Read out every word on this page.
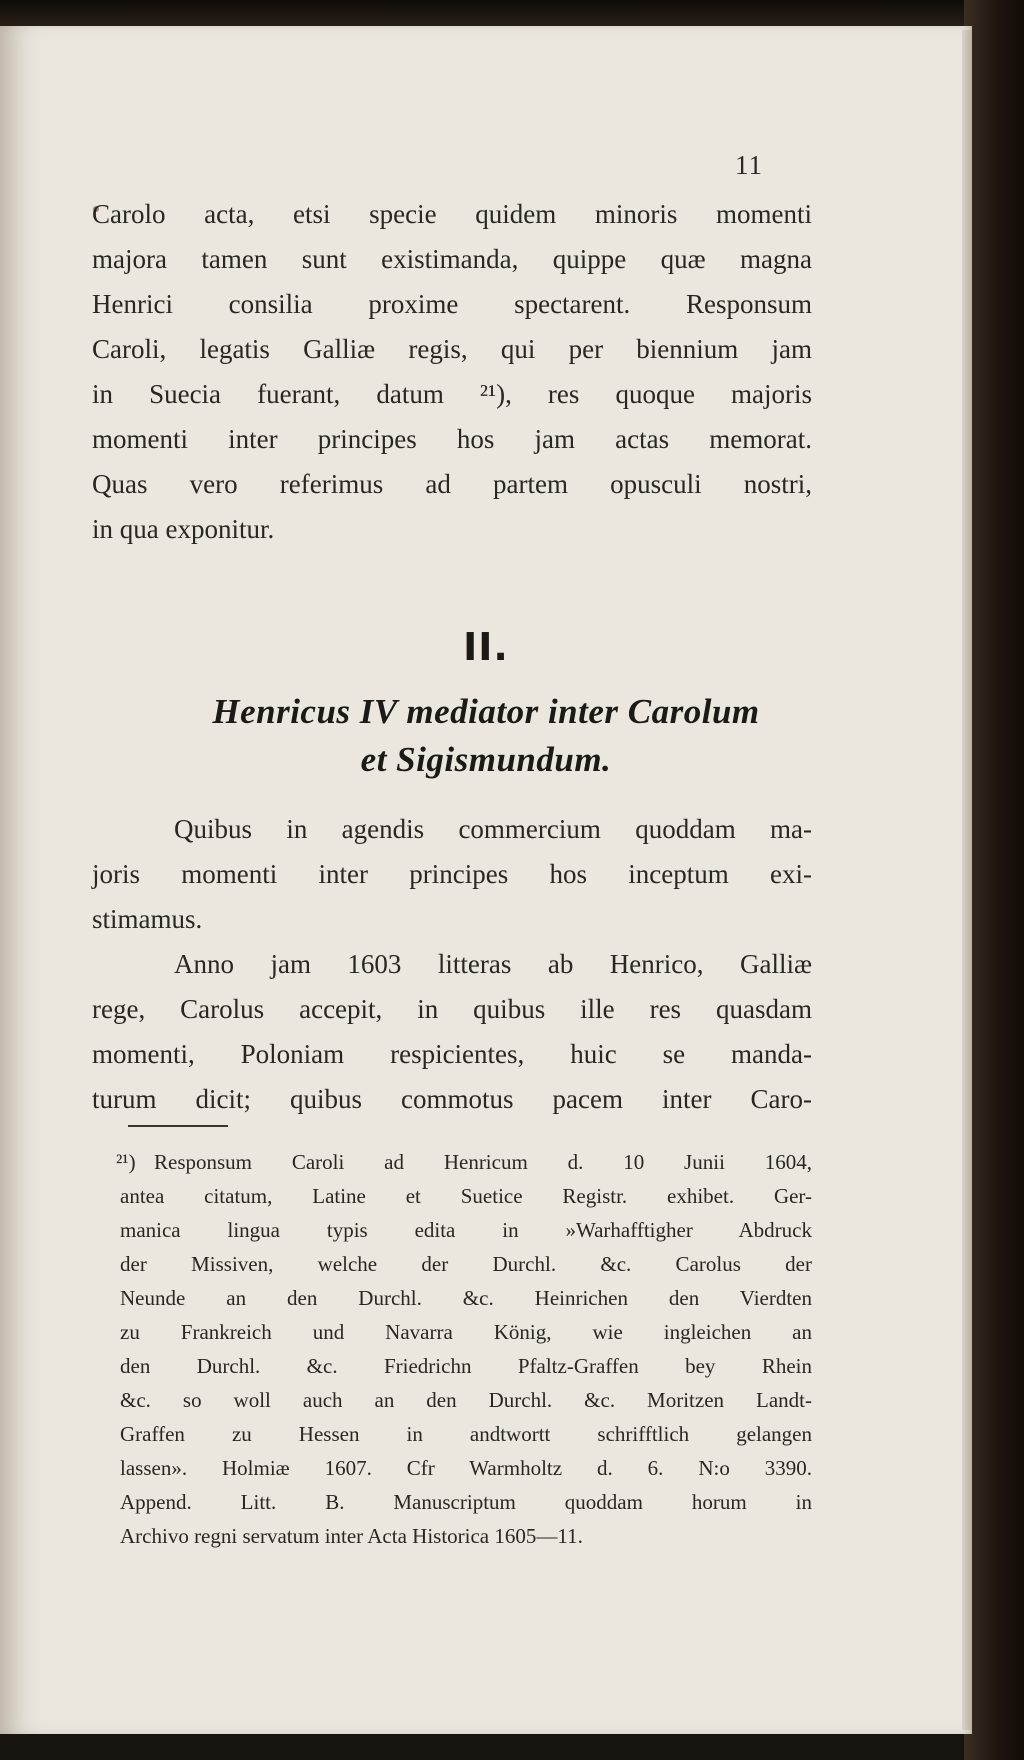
11
Carolo acta, etsi specie quidem minoris momenti
majora tamen sunt existimanda, quippe quæ magna
Henrici consilia proxime spectarent. Responsum
Caroli, legatis Galliæ regis, qui per biennium jam
in Suecia fuerant, datum ²¹), res quoque majoris
momenti inter principes hos jam actas memorat.
Quas vero referimus ad partem opusculi nostri,
in qua exponitur.
II.
Henricus IV mediator inter Carolum
et Sigismundum.
Quibus in agendis commercium quoddam ma-
joris momenti inter principes hos inceptum exi-
stimamus.
Anno jam 1603 litteras ab Henrico, Galliæ
rege, Carolus accepit, in quibus ille res quasdam
momenti, Poloniam respicientes, huic se manda-
turum dicit; quibus commotus pacem inter Caro-
²¹) Responsum Caroli ad Henricum d. 10 Junii 1604,
antea citatum, Latine et Suetice Registr. exhibet. Ger-
manica lingua typis edita in »Warhafftigher Abdruck
der Missiven, welche der Durchl. &c. Carolus der
Neunde an den Durchl. &c. Heinrichen den Vierdten
zu Frankreich und Navarra König, wie ingleichen an
den Durchl. &c. Friedrichn Pfaltz-Graffen bey Rhein
&c. so woll auch an den Durchl. &c. Moritzen Landt-
Graffen zu Hessen in andtwortt schrifftlich gelangen
lassen». Holmiæ 1607. Cfr Warmholtz d. 6. N:o 3390.
Append. Litt. B. Manuscriptum quoddam horum in
Archivo regni servatum inter Acta Historica 1605—11.
